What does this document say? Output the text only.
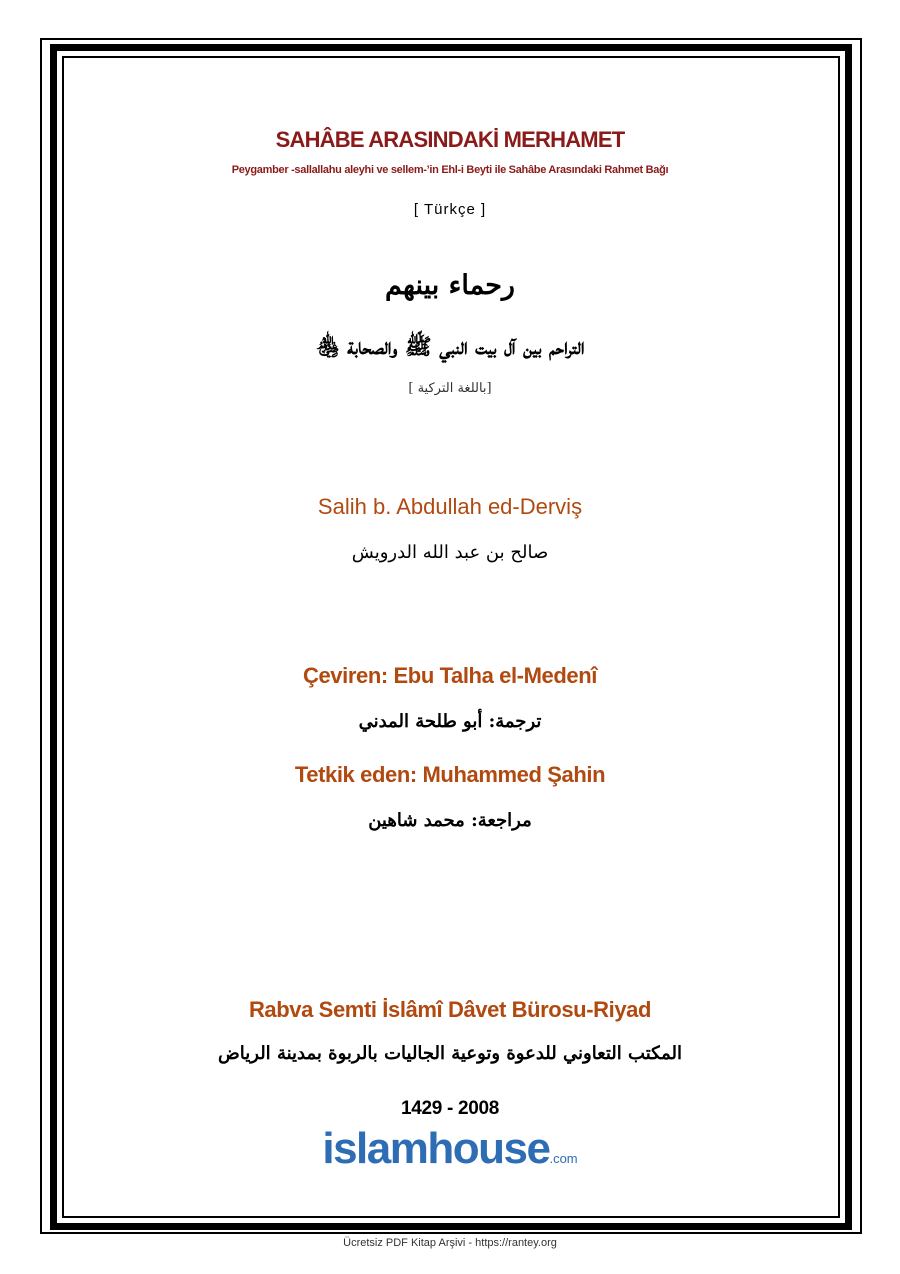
SAHÂBE ARASINDAKİ MERHAMET
Peygamber -sallallahu aleyhi ve sellem-’in Ehl-i Beyti ile Sahâbe Arasındaki Rahmet Bağı
[ Türkçe ]
رحماء بينهم
التراحم بين آل بيت النبي ﷺ والصحابة ﵃
[باللغة التركية ]
Salih b. Abdullah ed-Derviş
صالح بن عبد الله الدرويش
Çeviren: Ebu Talha el-Medenî
ترجمة: أبو طلحة المدني
Tetkik eden: Muhammed Şahin
مراجعة: محمد شاهين
Rabva Semti İslâmî Dâvet Bürosu-Riyad
المكتب التعاوني للدعوة وتوعية الجاليات بالربوة بمدينة الرياض
1429 - 2008
islamhouse.com
Ücretsiz PDF Kitap Arşivi - https://rantey.org
